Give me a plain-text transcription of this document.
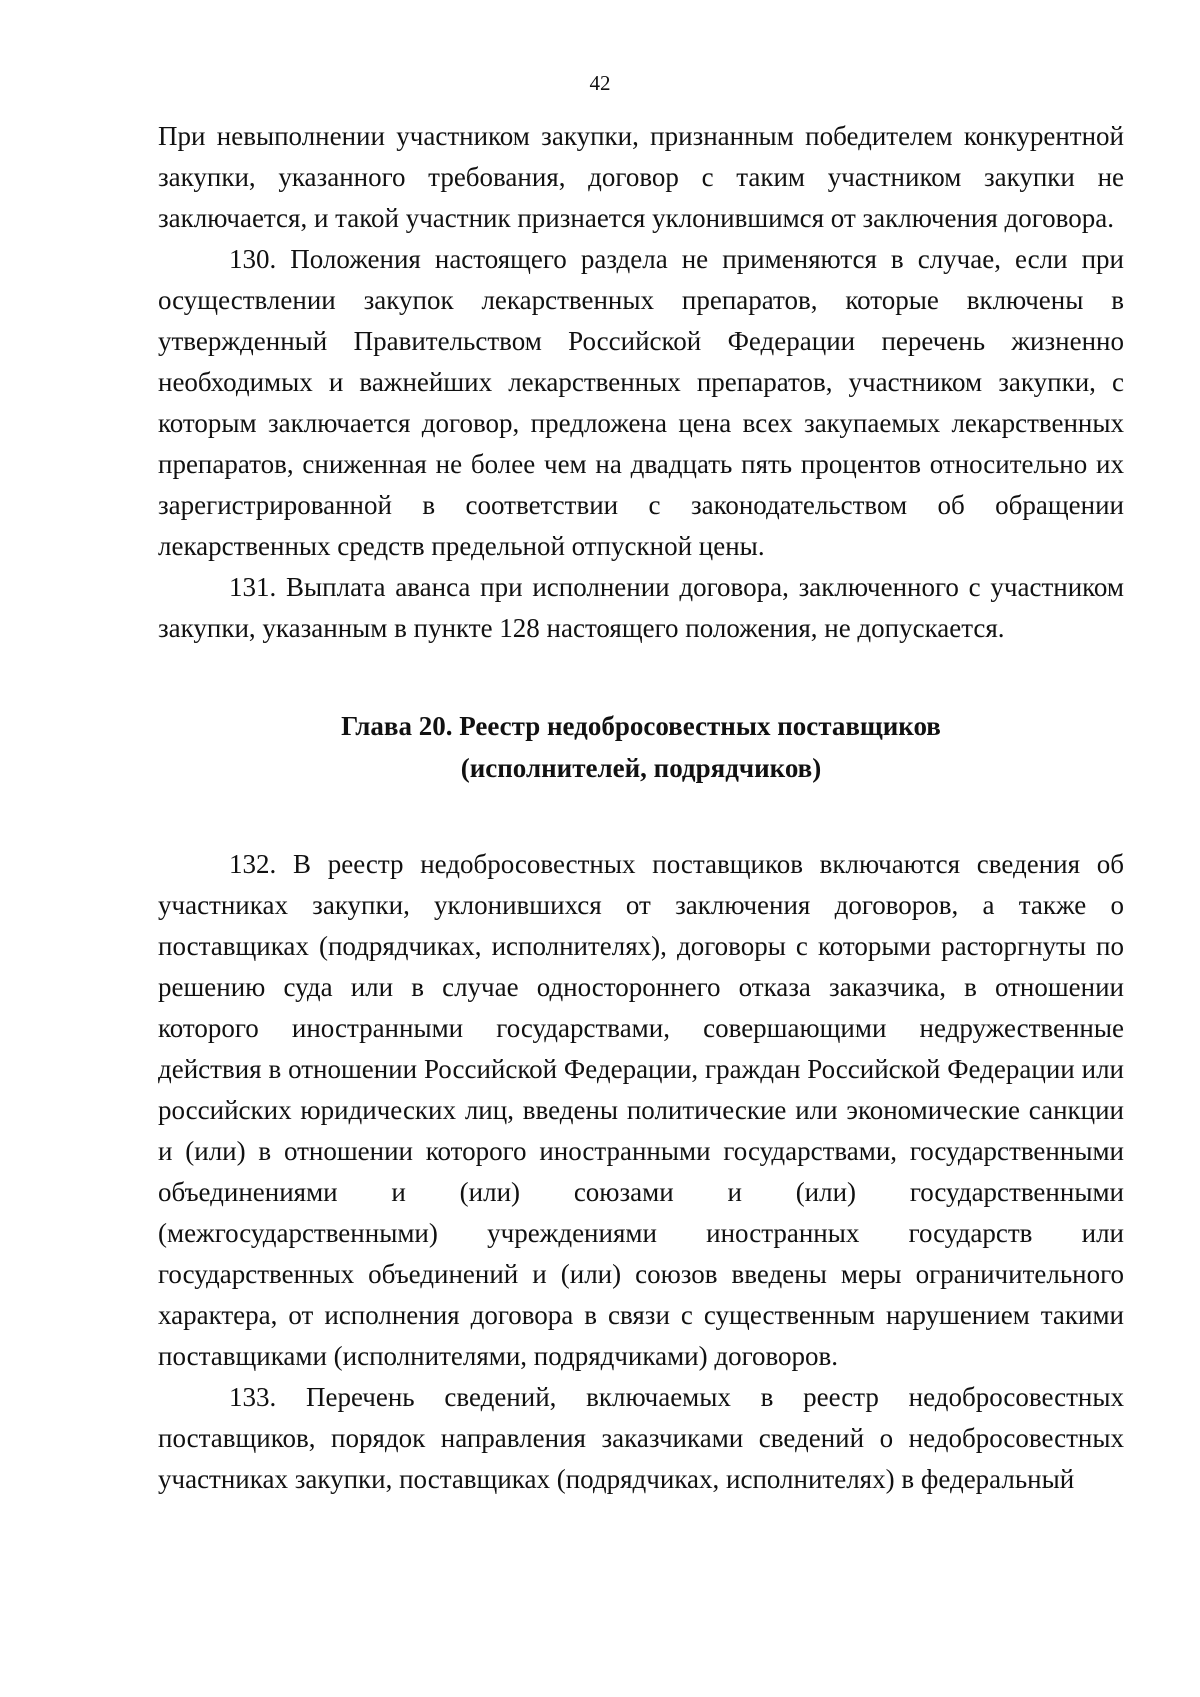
42

При невыполнении участником закупки, признанным победителем конкурентной закупки, указанного требования, договор с таким участником закупки не заключается, и такой участник признается уклонившимся от заключения договора.

130. Положения настоящего раздела не применяются в случае, если при осуществлении закупок лекарственных препаратов, которые включены в утвержденный Правительством Российской Федерации перечень жизненно необходимых и важнейших лекарственных препаратов, участником закупки, с которым заключается договор, предложена цена всех закупаемых лекарственных препаратов, сниженная не более чем на двадцать пять процентов относительно их зарегистрированной в соответствии с законодательством об обращении лекарственных средств предельной отпускной цены.

131. Выплата аванса при исполнении договора, заключенного с участником закупки, указанным в пункте 128 настоящего положения, не допускается.

Глава 20. Реестр недобросовестных поставщиков
(исполнителей, подрядчиков)

132. В реестр недобросовестных поставщиков включаются сведения об участниках закупки, уклонившихся от заключения договоров, а также о поставщиках (подрядчиках, исполнителях), договоры с которыми расторгнуты по решению суда или в случае одностороннего отказа заказчика, в отношении которого иностранными государствами, совершающими недружественные действия в отношении Российской Федерации, граждан Российской Федерации или российских юридических лиц, введены политические или экономические санкции и (или) в отношении которого иностранными государствами, государственными объединениями и (или) союзами и (или) государственными (межгосударственными) учреждениями иностранных государств или государственных объединений и (или) союзов введены меры ограничительного характера, от исполнения договора в связи с существенным нарушением такими поставщиками (исполнителями, подрядчиками) договоров.

133. Перечень сведений, включаемых в реестр недобросовестных поставщиков, порядок направления заказчиками сведений о недобросовестных участниках закупки, поставщиках (подрядчиках, исполнителях) в федеральный
